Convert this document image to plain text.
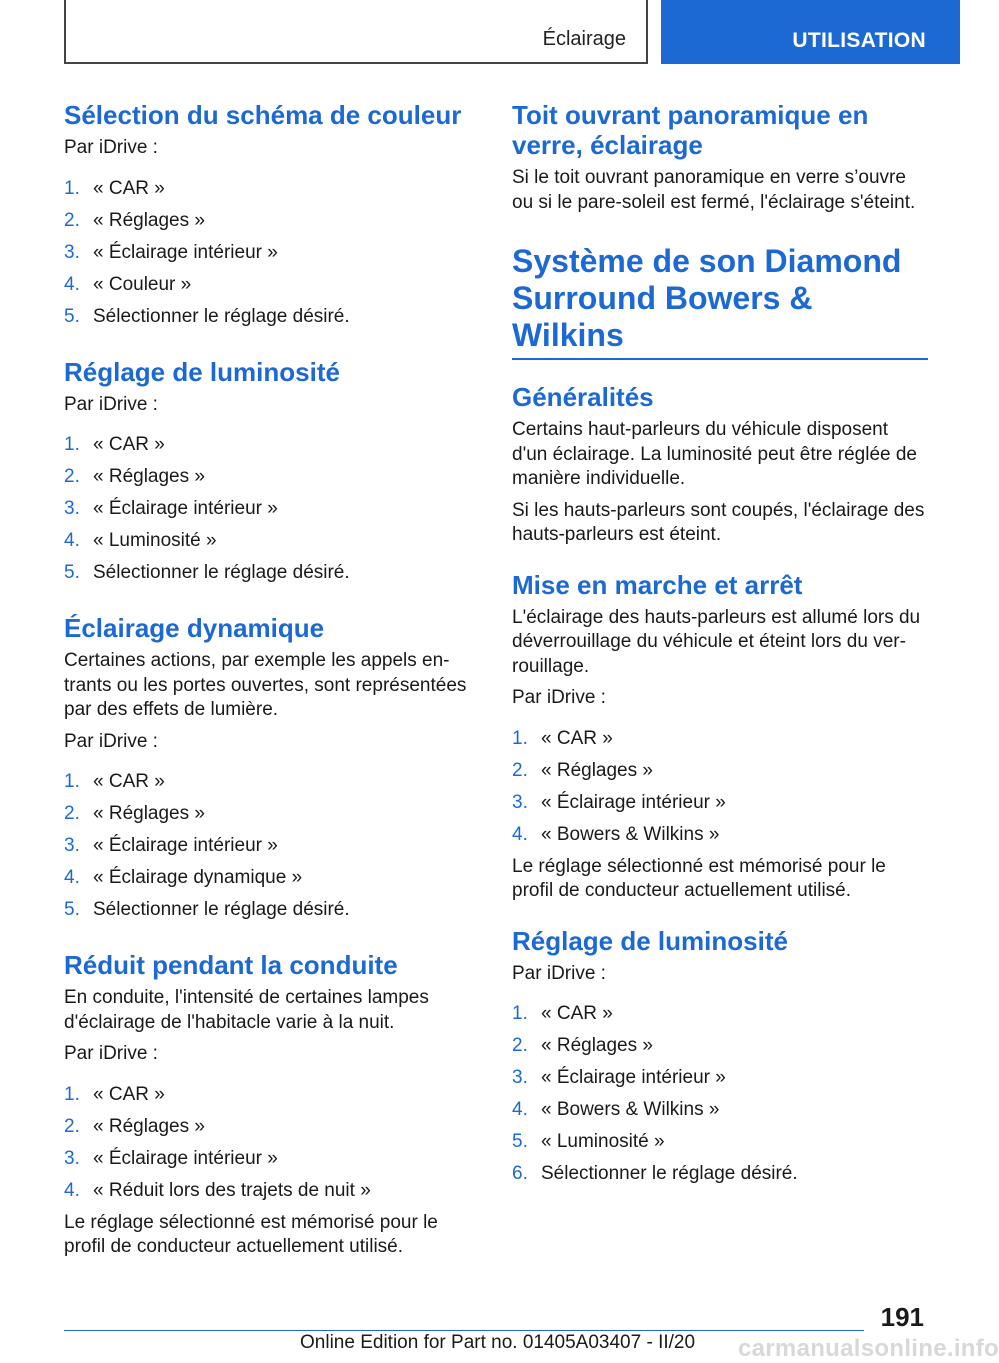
Éclairage	UTILISATION
Sélection du schéma de couleur

Par iDrive :

1. « CAR »
2. « Réglages »
3. « Éclairage intérieur »
4. « Couleur »
5. Sélectionner le réglage désiré.
Réglage de luminosité

Par iDrive :

1. « CAR »
2. « Réglages »
3. « Éclairage intérieur »
4. « Luminosité »
5. Sélectionner le réglage désiré.
Éclairage dynamique

Certaines actions, par exemple les appels en-trants ou les portes ouvertes, sont représentées par des effets de lumière.

Par iDrive :

1. « CAR »
2. « Réglages »
3. « Éclairage intérieur »
4. « Éclairage dynamique »
5. Sélectionner le réglage désiré.
Réduit pendant la conduite

En conduite, l'intensité de certaines lampes d'éclairage de l'habitacle varie à la nuit.

Par iDrive :

1. « CAR »
2. « Réglages »
3. « Éclairage intérieur »
4. « Réduit lors des trajets de nuit »

Le réglage sélectionné est mémorisé pour le profil de conducteur actuellement utilisé.

Toit ouvrant panoramique en verre, éclairage

Si le toit ouvrant panoramique en verre s’ouvre ou si le pare-soleil est fermé, l'éclairage s'éteint.

Système de son Diamond Surround Bowers & Wilkins
Généralités

Certains haut-parleurs du véhicule disposent d'un éclairage. La luminosité peut être réglée de manière individuelle.

Si les hauts-parleurs sont coupés, l'éclairage des hauts-parleurs est éteint.

Mise en marche et arrêt

L'éclairage des hauts-parleurs est allumé lors du déverrouillage du véhicule et éteint lors du ver-rouillage.

Par iDrive :

1. « CAR »
2. « Réglages »
3. « Éclairage intérieur »
4. « Bowers & Wilkins »

Le réglage sélectionné est mémorisé pour le profil de conducteur actuellement utilisé.

Réglage de luminosité

Par iDrive :

1. « CAR »
2. « Réglages »
3. « Éclairage intérieur »
4. « Bowers & Wilkins »
5. « Luminosité »
6. Sélectionner le réglage désiré.
191
Online Edition for Part no. 01405A03407 - II/20 carmanualsonline.info
